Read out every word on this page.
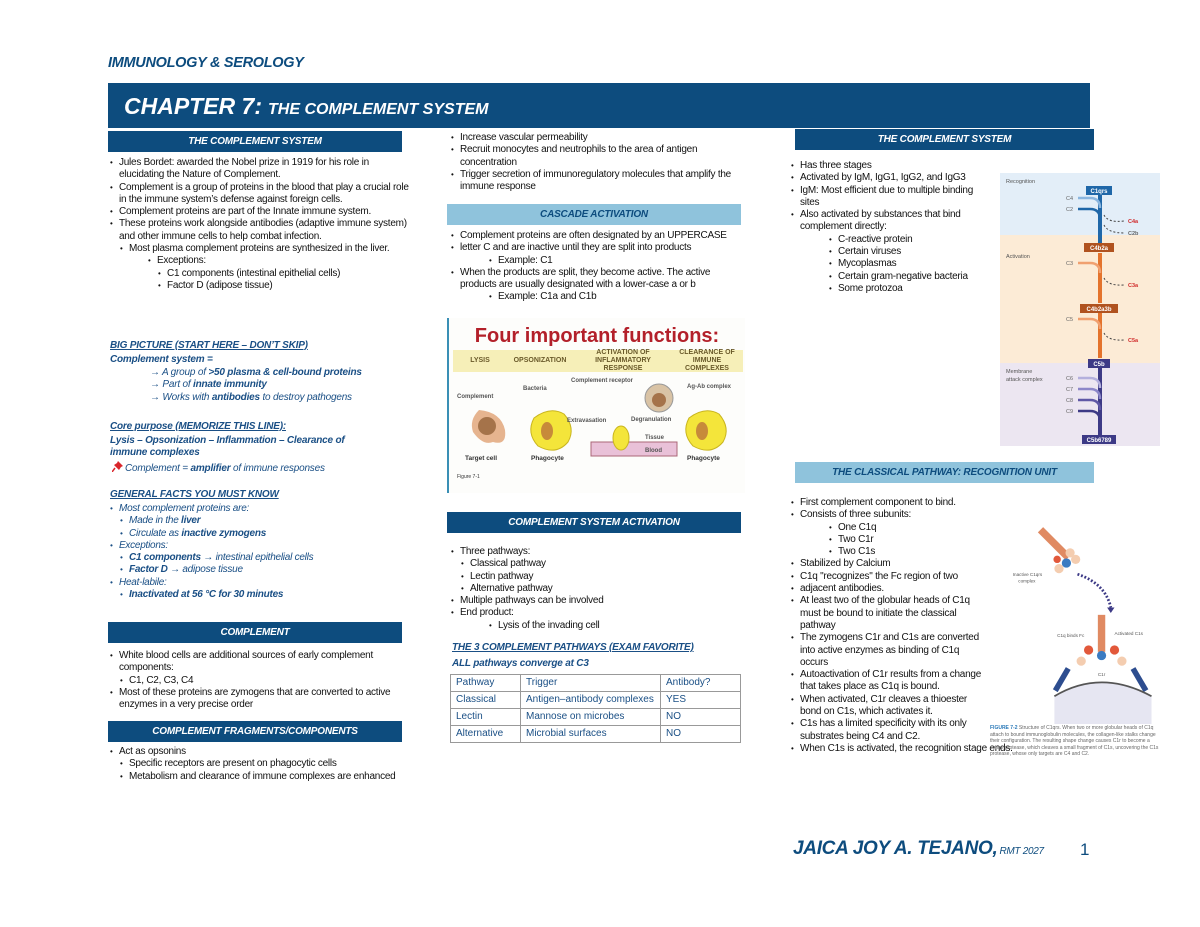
IMMUNOLOGY & SEROLOGY
CHAPTER 7: THE COMPLEMENT SYSTEM
THE COMPLEMENT SYSTEM
• Jules Bordet: awarded the Nobel prize in 1919 for his role in elucidating the Nature of Complement.
• Complement is a group of proteins in the blood that play a crucial role in the immune system’s defense against foreign cells.
• Complement proteins are part of the Innate immune system.
• These proteins work alongside antibodies (adaptive immune system) and other immune cells to help combat infection.
• Most plasma complement proteins are synthesized in the liver.
• Exceptions:
• C1 components (intestinal epithelial cells)
• Factor D (adipose tissue)
BIG PICTURE (START HERE – DON’T SKIP)
Complement system =
→ A group of >50 plasma & cell-bound proteins
→ Part of innate immunity
→ Works with antibodies to destroy pathogens
Core purpose (MEMORIZE THIS LINE):
Lysis – Opsonization – Inflammation – Clearance of immune complexes
Complement = amplifier of immune responses
GENERAL FACTS YOU MUST KNOW
• Most complement proteins are:
• Made in the liver
• Circulate as inactive zymogens
• Exceptions:
• C1 components → intestinal epithelial cells
• Factor D → adipose tissue
• Heat-labile:
• Inactivated at 56 °C for 30 minutes
COMPLEMENT
• White blood cells are additional sources of early complement components:
• C1, C2, C3, C4
• Most of these proteins are zymogens that are converted to active enzymes in a very precise order
COMPLEMENT FRAGMENTS/COMPONENTS
• Act as opsonins
• Specific receptors are present on phagocytic cells
• Metabolism and clearance of immune complexes are enhanced
• Increase vascular permeability
• Recruit monocytes and neutrophils to the area of antigen concentration
• Trigger secretion of immunoregulatory molecules that amplify the immune response
CASCADE ACTIVATION
• Complement proteins are often designated by an UPPERCASE
• letter C and are inactive until they are split into products
• Example: C1
• When the products are split, they become active. The active products are usually designated with a lower-case a or b
• Example: C1a and C1b
Four important functions:
Complement
Target cell
Bacteria
Complement receptor
Phagocyte
Degranulation
Extravasation
Tissue
Blood
Ag-Ab complex
Phagocyte
Figure 7-1
LYSIS	OPSONIZATION
ACTIVATION OF INFLAMMATORY RESPONSE
CLEARANCE OF IMMUNE COMPLEXES
COMPLEMENT SYSTEM ACTIVATION
• Three pathways:
• Classical pathway
• Lectin pathway
• Alternative pathway
• Multiple pathways can be involved
• End product:
• Lysis of the invading cell
THE 3 COMPLEMENT PATHWAYS (EXAM FAVORITE)
ALL pathways converge at C3
Pathway	Trigger	Antibody?
Classical	Antigen–antibody complexes	YES
Lectin	Mannose on microbes	NO
Alternative	Microbial surfaces	NO
THE COMPLEMENT SYSTEM
• Has three stages
• Activated by IgM, IgG1, IgG2, and IgG3
• IgM: Most efficient due to multiple binding sites
• Also activated by substances that bind complement directly:
• C-reactive protein
• Certain viruses
• Mycoplasmas
• Certain gram-negative bacteria
• Some protozoa
Recognition
Activation
Membrane
attack complex
C1qrs
C4b2a
C4b2a3b
C5b
C5b6789
C4
C2
C3
C5
C6
C7
C8
C9
C4a
C2b
C3a
C5a
THE CLASSICAL PATHWAY: RECOGNITION UNIT
• First complement component to bind.
• Consists of three subunits:
• One C1q
• Two C1r
• Two C1s
• Stabilized by Calcium
• C1q "recognizes" the Fc region of two
• adjacent antibodies.
• At least two of the globular heads of C1q must be bound to initiate the classical pathway
• The zymogens C1r and C1s are converted into active enzymes as binding of C1q occurs
• Autoactivation of C1r results from a change that takes place as C1q is bound.
• When activated, C1r cleaves a thioester bond on C1s, which activates it.
• C1s has a limited specificity with its only substrates being C4 and C2.
• When C1s is activated, the recognition stage ends.
Inactive C1qrs
complex
C1q binds Fc	Activated C1s
C1r
FIGURE 7-2 Structure of C1qrs. When two or more globular heads of C1q attach to bound immunoglobulin molecules, the collagen-like stalks change their configuration. The resulting shape change causes C1r to become a serine protease, which cleaves a small fragment of C1s, uncovering the C1s protease, whose only targets are C4 and C2.
JAICA JOY A. TEJANO, RMT 2027 1
